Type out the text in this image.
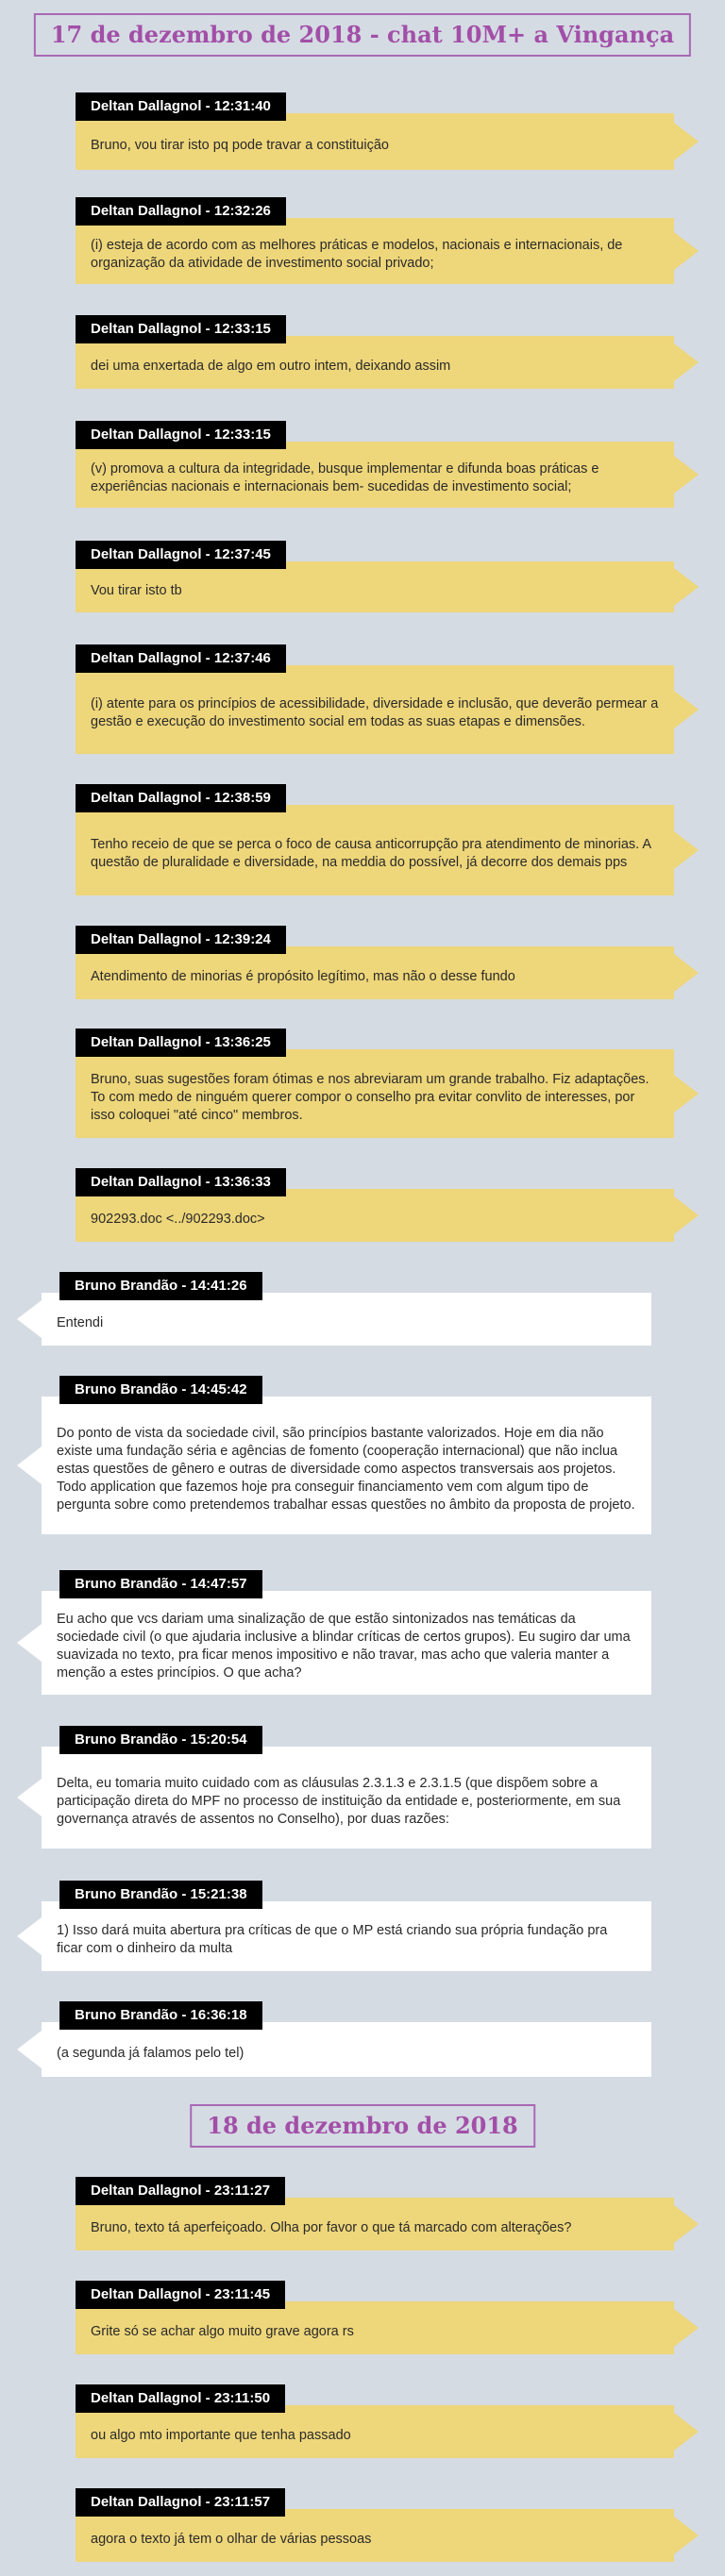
17 de dezembro de 2018 - chat 10M+ a Vingança
Deltan Dallagnol - 12:31:40
Bruno, vou tirar isto pq pode travar a constituição
Deltan Dallagnol - 12:32:26
(i) esteja de acordo com as melhores práticas e modelos, nacionais e internacionais, de organização da atividade de investimento social privado;
Deltan Dallagnol - 12:33:15
dei uma enxertada de algo em outro intem, deixando assim
Deltan Dallagnol - 12:33:15
(v) promova a cultura da integridade, busque implementar e difunda boas práticas e experiências nacionais e internacionais bem- sucedidas de investimento social;
Deltan Dallagnol - 12:37:45
Vou tirar isto tb
Deltan Dallagnol - 12:37:46
(i) atente para os princípios de acessibilidade, diversidade e inclusão, que deverão permear a gestão e execução do investimento social em todas as suas etapas e dimensões.
Deltan Dallagnol - 12:38:59
Tenho receio de que se perca o foco de causa anticorrupção pra atendimento de minorias. A questão de pluralidade e diversidade, na meddia do possível, já decorre dos demais pps
Deltan Dallagnol - 12:39:24
Atendimento de minorias é propósito legítimo, mas não o desse fundo
Deltan Dallagnol - 13:36:25
Bruno, suas sugestões foram ótimas e nos abreviaram um grande trabalho. Fiz adaptações. To com medo de ninguém querer compor o conselho pra evitar convlito de interesses, por isso coloquei "até cinco" membros.
Deltan Dallagnol - 13:36:33
902293.doc <../902293.doc>
Bruno Brandão - 14:41:26
Entendi
Bruno Brandão - 14:45:42
Do ponto de vista da sociedade civil, são princípios bastante valorizados. Hoje em dia não existe uma fundação séria e agências de fomento (cooperação internacional) que não inclua estas questões de gênero e outras de diversidade como aspectos transversais aos projetos. Todo application que fazemos hoje pra conseguir financiamento vem com algum tipo de pergunta sobre como pretendemos trabalhar essas questões no âmbito da proposta de projeto.
Bruno Brandão - 14:47:57
Eu acho que vcs dariam uma sinalização de que estão sintonizados nas temáticas da sociedade civil (o que ajudaria inclusive a blindar críticas de certos grupos). Eu sugiro dar uma suavizada no texto, pra ficar menos impositivo e não travar, mas acho que valeria manter a menção a estes princípios. O que acha?
Bruno Brandão - 15:20:54
Delta, eu tomaria muito cuidado com as cláusulas 2.3.1.3 e 2.3.1.5 (que dispõem sobre a participação direta do MPF no processo de instituição da entidade e, posteriormente, em sua governança através de assentos no Conselho), por duas razões:
Bruno Brandão - 15:21:38
1) Isso dará muita abertura pra críticas de que o MP está criando sua própria fundação pra ficar com o dinheiro da multa
Bruno Brandão - 16:36:18
(a segunda já falamos pelo tel)
18 de dezembro de 2018
Deltan Dallagnol - 23:11:27
Bruno, texto tá aperfeiçoado. Olha por favor o que tá marcado com alterações?
Deltan Dallagnol - 23:11:45
Grite só se achar algo muito grave agora rs
Deltan Dallagnol - 23:11:50
ou algo mto importante que tenha passado
Deltan Dallagnol - 23:11:57
agora o texto já tem o olhar de várias pessoas
